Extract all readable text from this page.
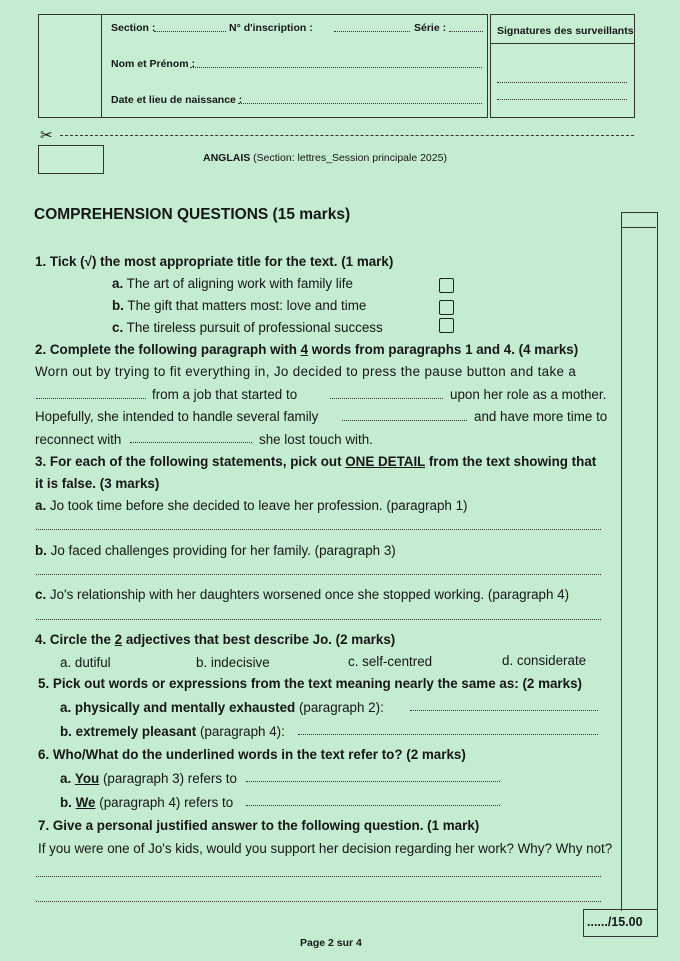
Section :	N° d'inscription :	Série :
Nom et Prénom :
Date et lieu de naissance :
Signatures des surveillants
✂
ANGLAIS (Section: lettres_Session principale 2025)
COMPREHENSION QUESTIONS (15 marks)
1. Tick (√) the most appropriate title for the text. (1 mark)
a. The art of aligning work with family life
b. The gift that matters most: love and time
c. The tireless pursuit of professional success
2. Complete the following paragraph with 4 words from paragraphs 1 and 4. (4 marks)
Worn out by trying to fit everything in, Jo decided to press the pause button and take a
from a job that started to	upon her role as a mother.
Hopefully, she intended to handle several family	and have more time to
reconnect with	she lost touch with.
3. For each of the following statements, pick out ONE DETAIL from the text showing that
it is false. (3 marks)
a. Jo took time before she decided to leave her profession. (paragraph 1)
b. Jo faced challenges providing for her family. (paragraph 3)
c. Jo's relationship with her daughters worsened once she stopped working. (paragraph 4)
4. Circle the 2 adjectives that best describe Jo. (2 marks)
a. dutiful	b. indecisive	c. self-centred	d. considerate
5. Pick out words or expressions from the text meaning nearly the same as: (2 marks)
a. physically and mentally exhausted (paragraph 2):
b. extremely pleasant (paragraph 4):
6. Who/What do the underlined words in the text refer to? (2 marks)
a. You (paragraph 3) refers to
b. We (paragraph 4) refers to
7. Give a personal justified answer to the following question. (1 mark)
If you were one of Jo's kids, would you support her decision regarding her work? Why? Why not?
....../15.00
Page 2 sur 4
